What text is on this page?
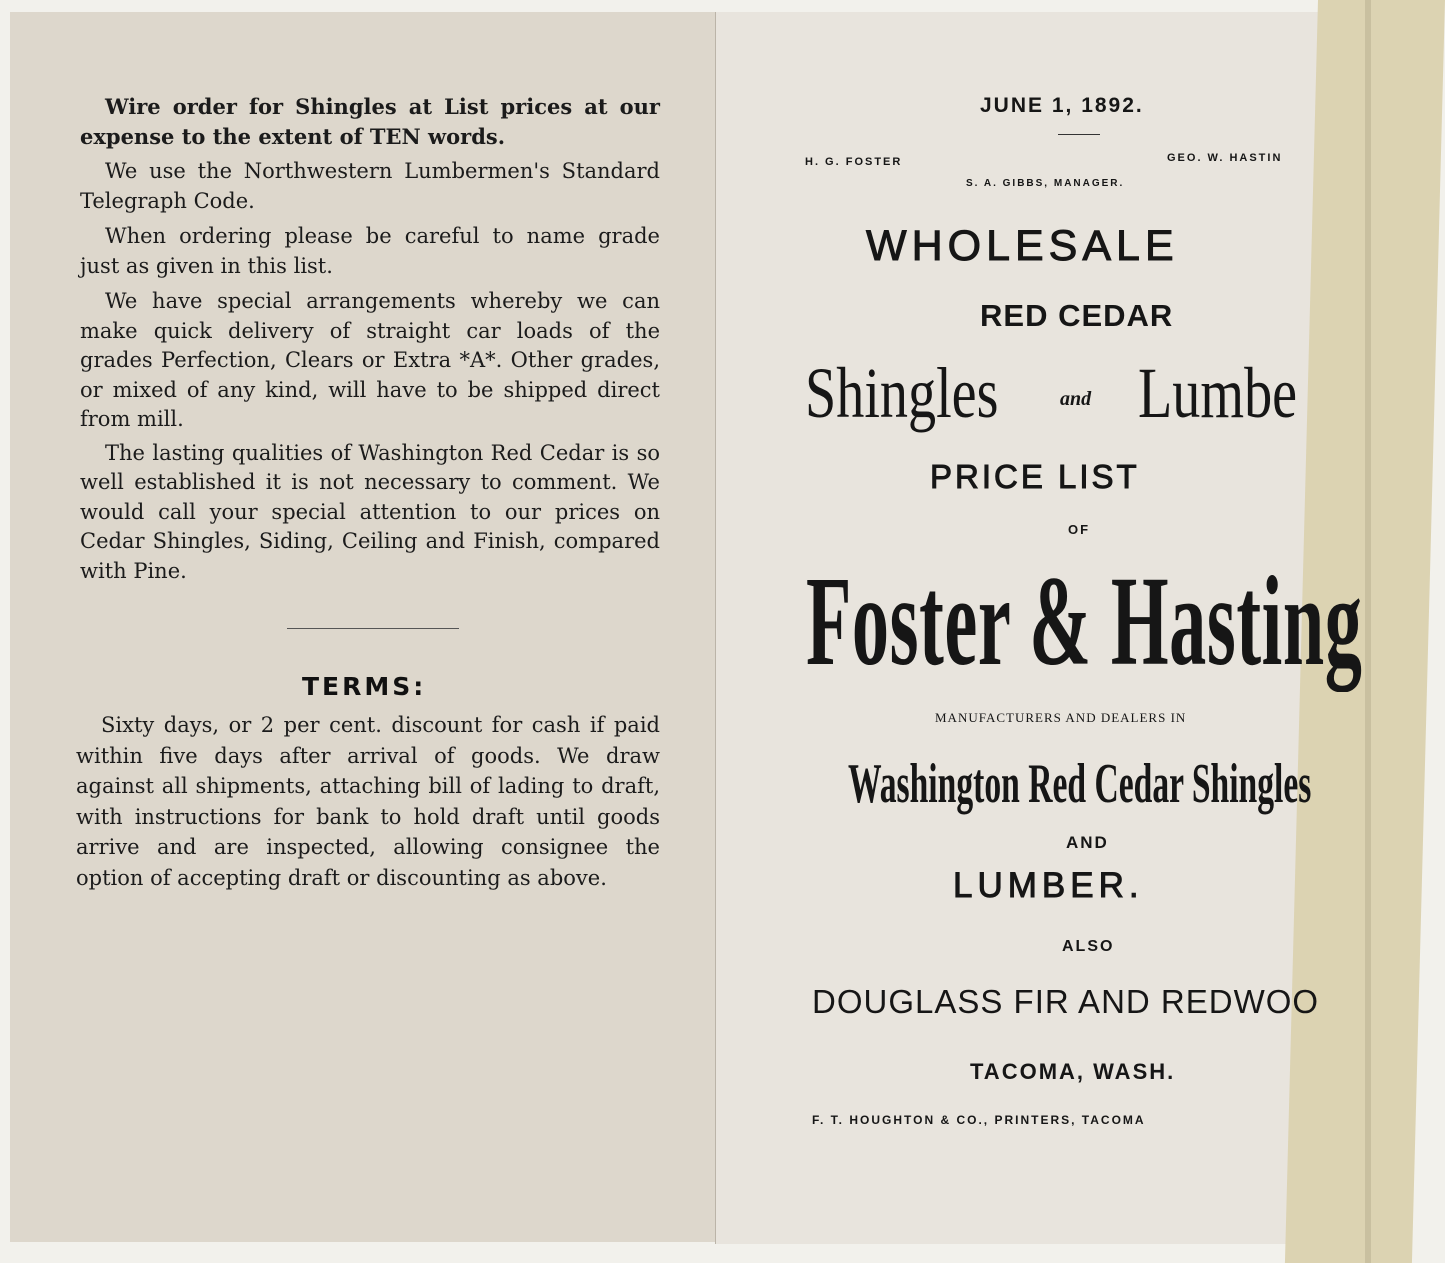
Wire order for Shingles at List prices at our expense to the extent of TEN words.

We use the Northwestern Lumbermen's Standard Telegraph Code.

When ordering please be careful to name grade just as given in this list.

We have special arrangements whereby we can make quick delivery of straight car loads of the grades Perfection, Clears or Extra *A*. Other grades, or mixed of any kind, will have to be shipped direct from mill.

The lasting qualities of Washington Red Cedar is so well established it is not necessary to comment. We would call your special attention to our prices on Cedar Shingles, Siding, Ceiling and Finish, compared with Pine.

TERMS:

Sixty days, or 2 per cent. discount for cash if paid within five days after arrival of goods. We draw against all shipments, attaching bill of lading to draft, with instructions for bank to hold draft until goods arrive and are inspected, allowing consignee the option of accepting draft or discounting as above.

JUNE 1, 1892.
H. G. FOSTER	GEO. W. HASTIN
S. A. GIBBS, MANAGER.
WHOLESALE
RED CEDAR
Shingles	and Lumbe
PRICE LIST
OF
Foster & Hasting
MANUFACTURERS AND DEALERS IN
Washington Red Cedar Shingles
AND
LUMBER.
ALSO
DOUGLASS FIR AND REDWOO
TACOMA, WASH.
F. T. HOUGHTON & CO., PRINTERS, TACOMA
